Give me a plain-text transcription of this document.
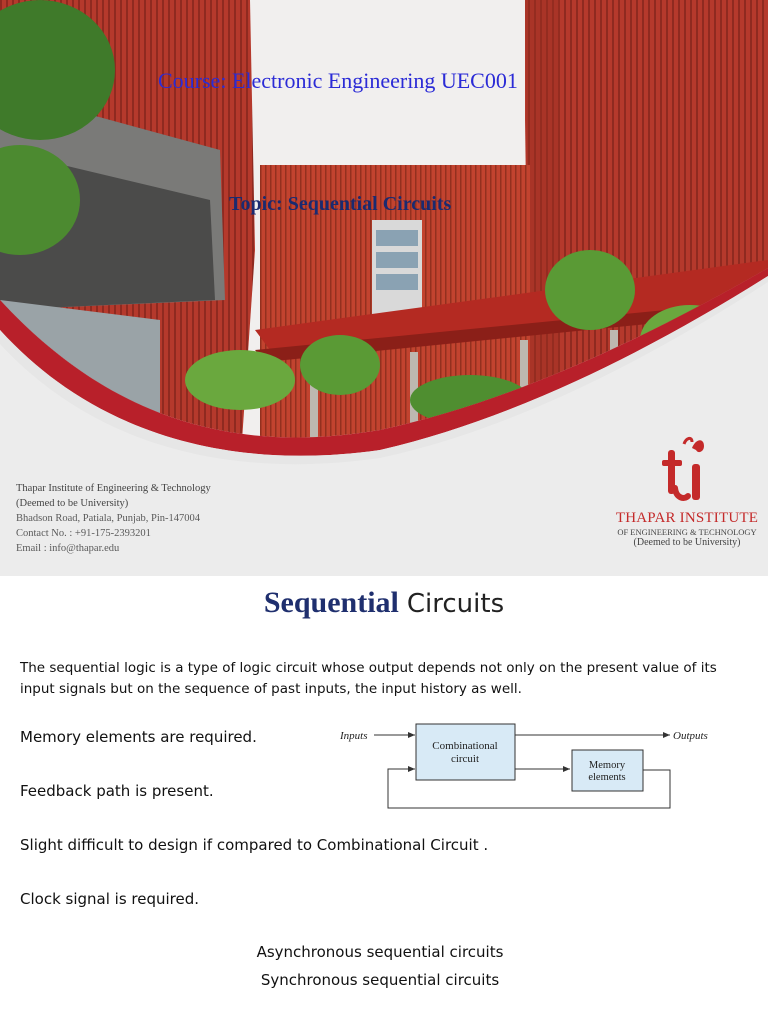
Course: Electronic Engineering UEC001
Topic: Sequential Circuits
Thapar Institute of Engineering & Technology
(Deemed to be University)
Bhadson Road, Patiala, Punjab, Pin-147004
Contact No. : +91-175-2393201
Email : info@thapar.edu
THAPAR INSTITUTE
OF ENGINEERING & TECHNOLOGY
(Deemed to be University)
Sequential Circuits
The sequential logic is a type of logic circuit whose output depends not only on the present value of its input signals but on the sequence of past inputs, the input history as well.
Memory elements are required.
Feedback path is present.
Slight difficult to design if compared to Combinational Circuit .
Clock signal is required.
Asynchronous sequential circuits
Synchronous sequential circuits
Inputs
Combinational
circuit
Outputs
Memory
elements
